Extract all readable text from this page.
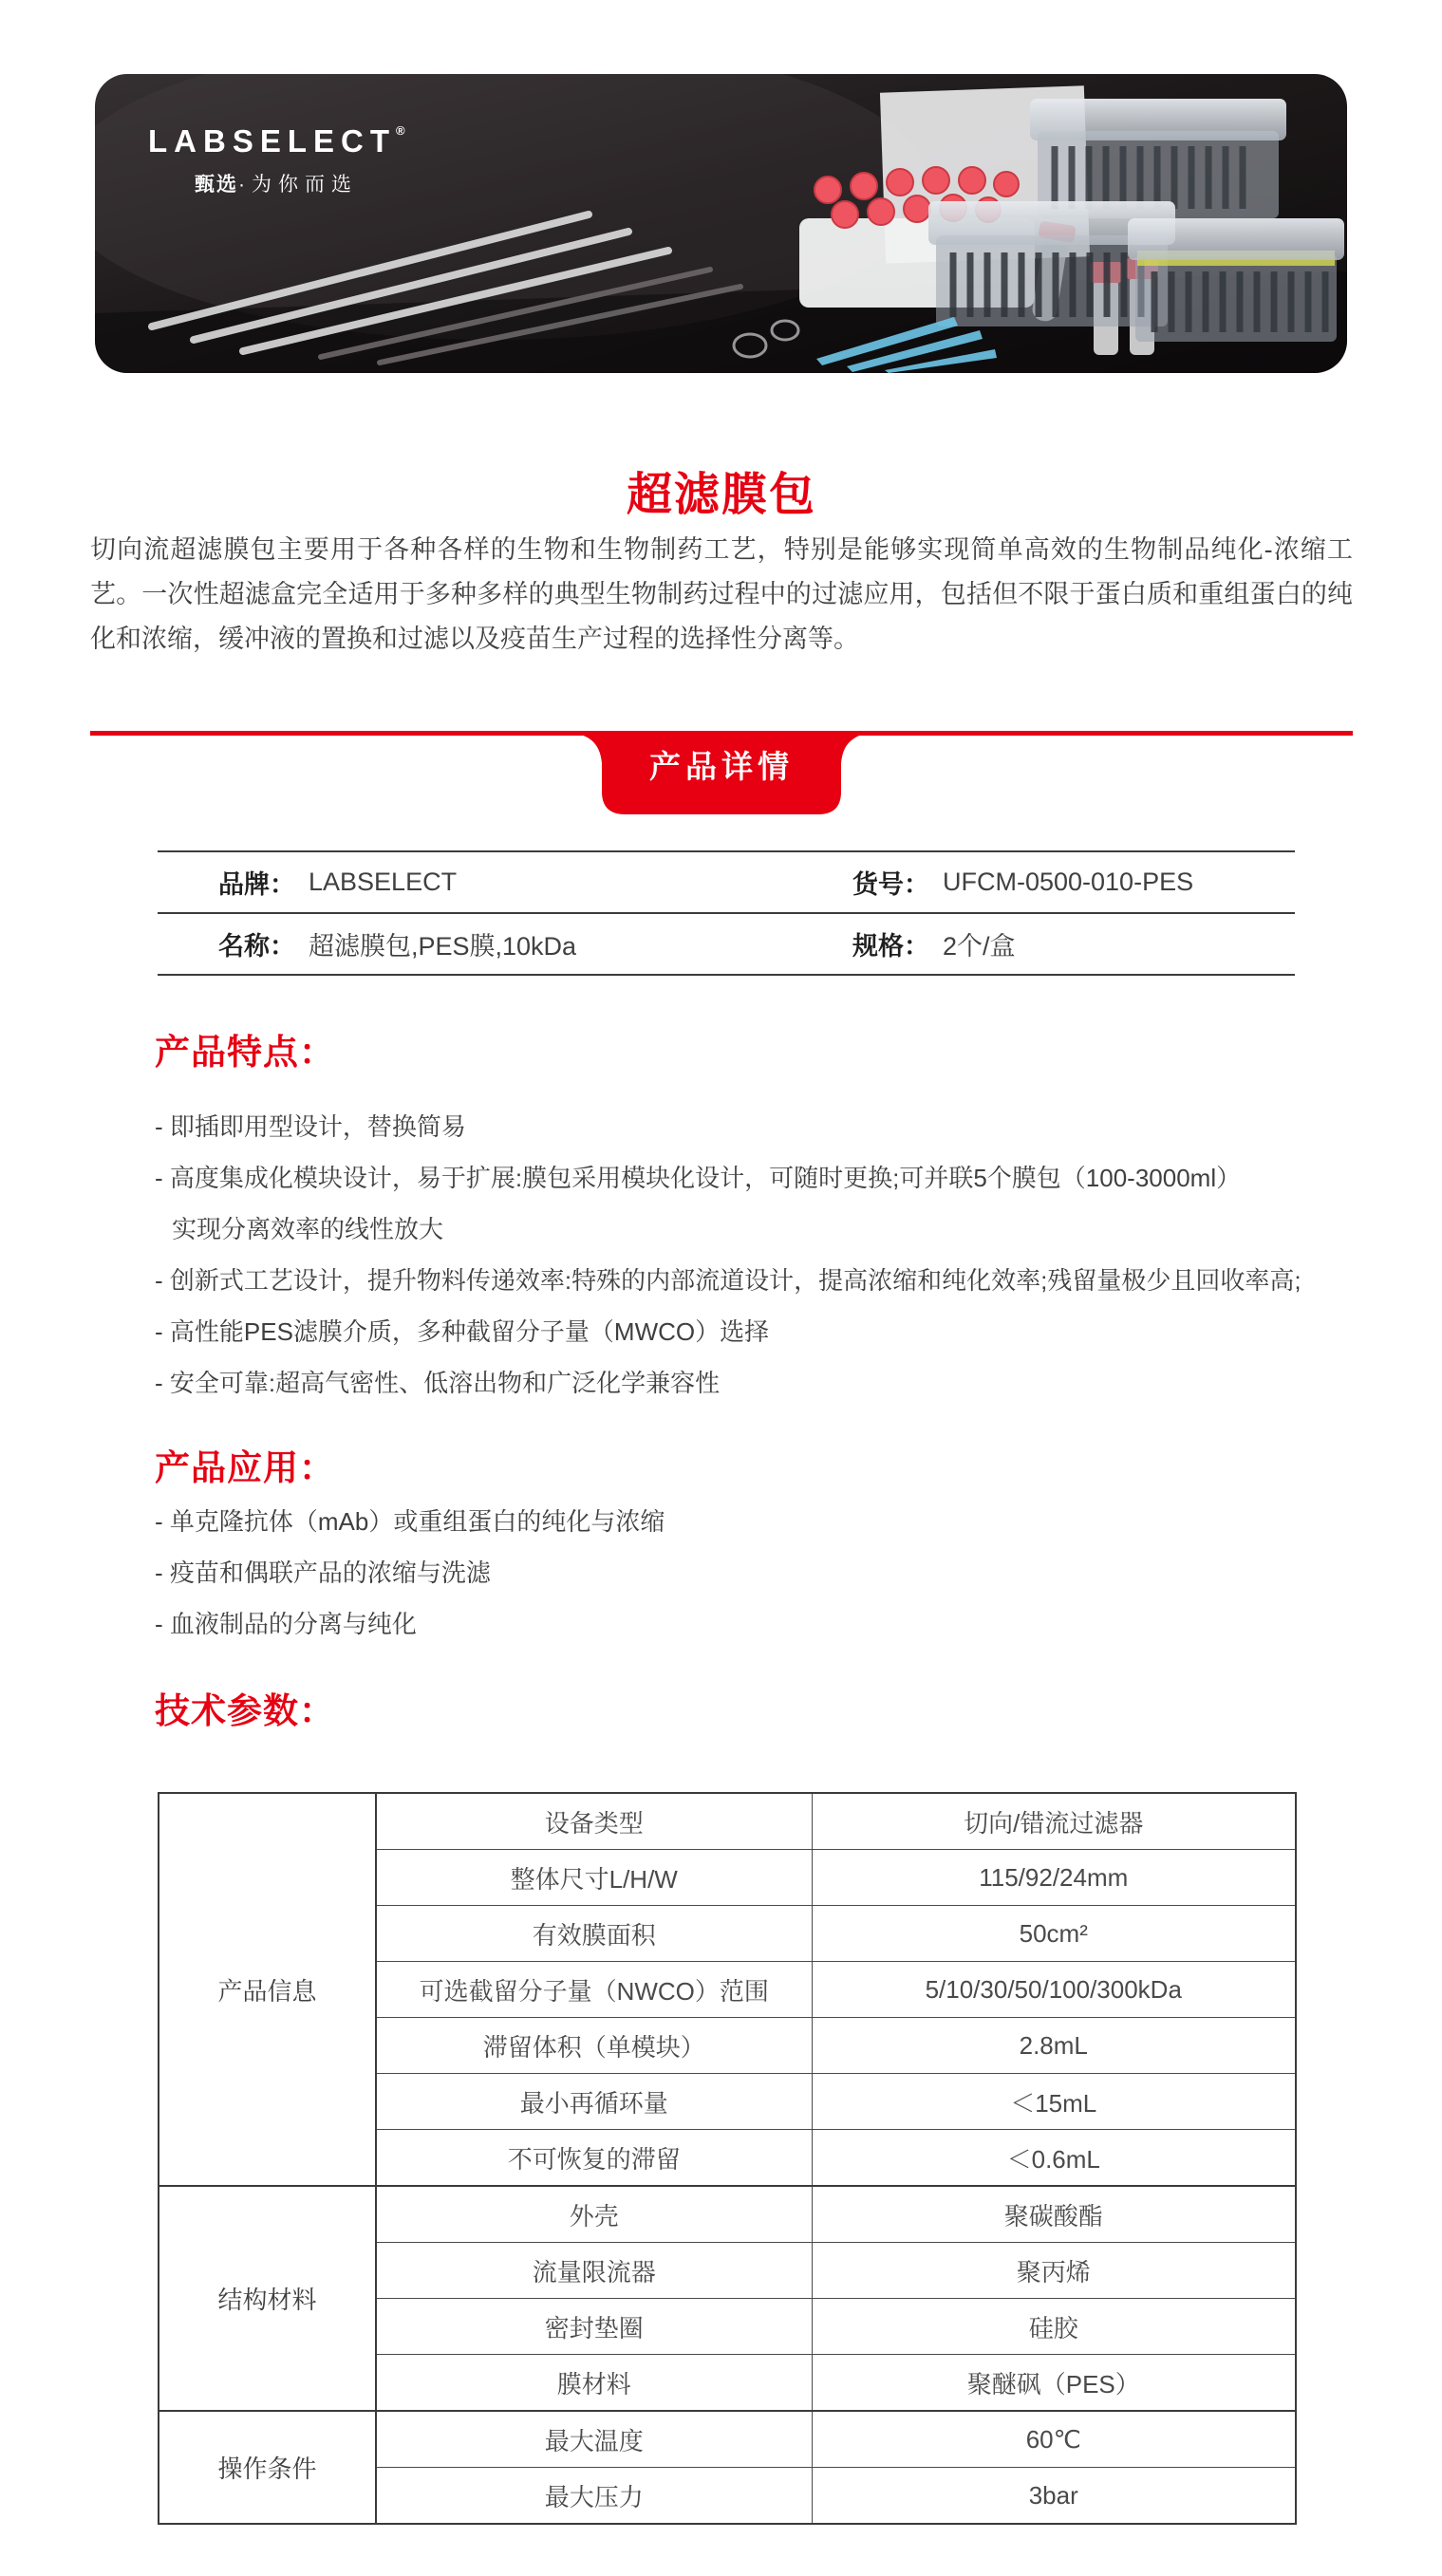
LABSELECT®
甄选·为你而选
超滤膜包
切向流超滤膜包主要用于各种各样的生物和生物制药工艺，特别是能够实现简单高效的生物制品纯化-浓缩工艺。一次性超滤盒完全适用于多种多样的典型生物制药过程中的过滤应用，包括但不限于蛋白质和重组蛋白的纯化和浓缩，缓冲液的置换和过滤以及疫苗生产过程的选择性分离等。
产品详情
品牌： LABSELECT	货号： UFCM-0500-010-PES
名称： 超滤膜包,PES膜,10kDa	规格： 2个/盒
产品特点：
- 即插即用型设计，替换简易
- 高度集成化模块设计，易于扩展:膜包采用模块化设计，可随时更换;可并联5个膜包（100-3000ml）
实现分离效率的线性放大
- 创新式工艺设计，提升物料传递效率:特殊的内部流道设计，提高浓缩和纯化效率;残留量极少且回收率高;
- 高性能PES滤膜介质，多种截留分子量（MWCO）选择
- 安全可靠:超高气密性、低溶出物和广泛化学兼容性
产品应用：
- 单克隆抗体（mAb）或重组蛋白的纯化与浓缩
- 疫苗和偶联产品的浓缩与洗滤
- 血液制品的分离与纯化
技术参数：
产品信息	设备类型	切向/错流过滤器
	整体尺寸L/H/W	115/92/24mm
	有效膜面积	50cm²
	可选截留分子量（NWCO）范围	5/10/30/50/100/300kDa
	滞留体积（单模块）	2.8mL
	最小再循环量	＜15mL
	不可恢复的滞留	＜0.6mL
结构材料	外壳	聚碳酸酯
	流量限流器	聚丙烯
	密封垫圈	硅胶
	膜材料	聚醚砜（PES）
操作条件	最大温度	60℃
	最大压力	3bar
